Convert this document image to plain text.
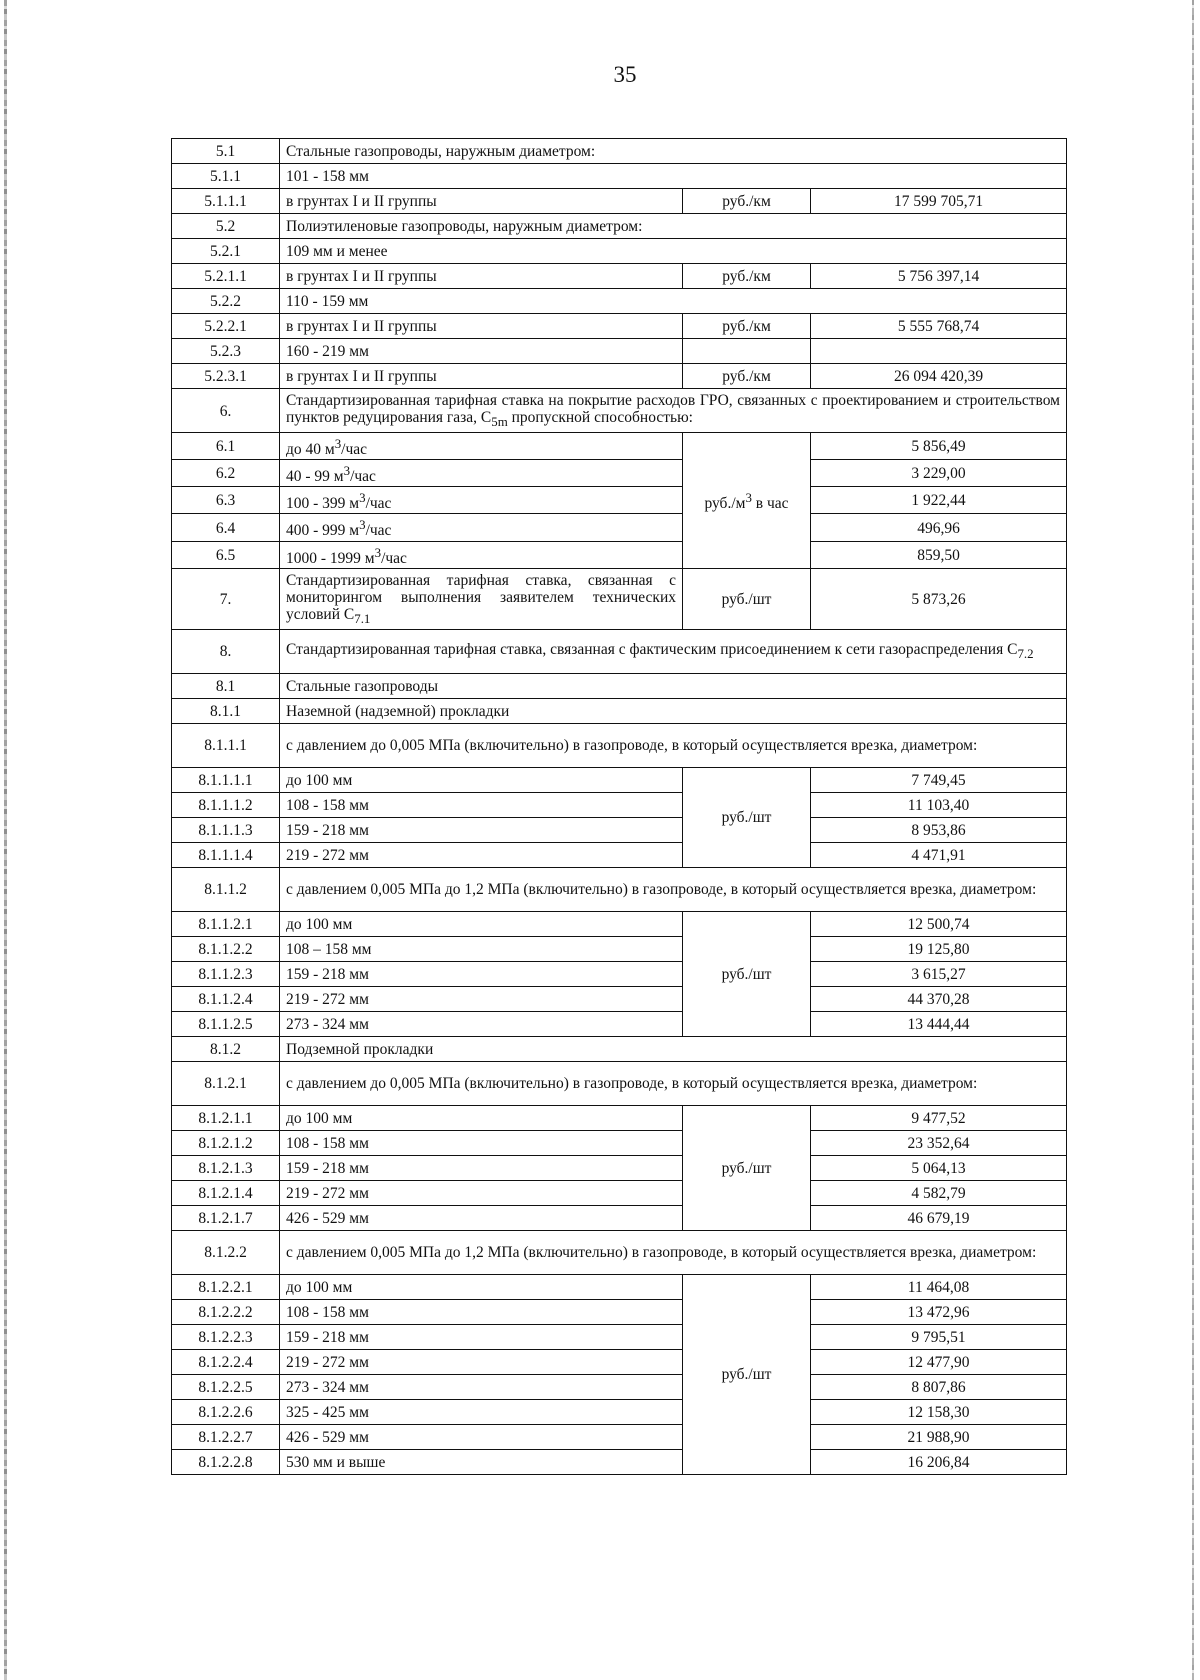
35
5.1	Стальные газопроводы, наружным диаметром:		
5.1.1	101 - 158 мм		
5.1.1.1	в грунтах I и II группы	руб./км	17 599 705,71
5.2	Полиэтиленовые газопроводы, наружным диаметром:		
5.2.1	109 мм и менее		
5.2.1.1	в грунтах I и II группы	руб./км	5 756 397,14
5.2.2	110 - 159 мм		
5.2.2.1	в грунтах I и II группы	руб./км	5 555 768,74
5.2.3	160 - 219 мм		
5.2.3.1	в грунтах I и II группы	руб./км	26 094 420,39
6.	Стандартизированная тарифная ставка на покрытие расходов ГРО, связанных с проектированием и строительством пунктов редуцирования газа, $C_{5m}$ пропускной способностью:		
6.1	до 40 $м^3$/час	$руб./м^3$ в час	5 856,49
6.2	40 - 99 $м^3$/час		3 229,00
6.3	100 - 399 $м^3$/час		1 922,44
6.4	400 - 999 $м^3$/час		496,96
6.5	1000 - 1999 $м^3$/час		859,50
7.	Стандартизированная тарифная ставка, связанная с мониторингом выполнения заявителем технических условий $C_{7.1}$	руб./шт	5 873,26
8.	Стандартизированная тарифная ставка, связанная с фактическим присоединением к сети газораспределения $C_{7.2}$
8.1	Стальные газопроводы		
8.1.1	Наземной (надземной) прокладки		
8.1.1.1	с давлением до 0,005 МПа (включительно) в газопроводе, в который осуществляется врезка, диаметром:		
8.1.1.1.1	до 100 мм	руб./шт	7 749,45
8.1.1.1.2	108 - 158 мм		11 103,40
8.1.1.1.3	159 - 218 мм		8 953,86
8.1.1.1.4	219 - 272 мм		4 471,91
8.1.1.2	с давлением 0,005 МПа до 1,2 МПа (включительно) в газопроводе, в который осуществляется врезка, диаметром:		
8.1.1.2.1	до 100 мм	руб./шт	12 500,74
8.1.1.2.2	108 – 158 мм		19 125,80
8.1.1.2.3	159 - 218 мм		3 615,27
8.1.1.2.4	219 - 272 мм		44 370,28
8.1.1.2.5	273 - 324 мм		13 444,44
8.1.2	Подземной прокладки		
8.1.2.1	с давлением до 0,005 МПа (включительно) в газопроводе, в который осуществляется врезка, диаметром:		
8.1.2.1.1	до 100 мм	руб./шт	9 477,52
8.1.2.1.2	108 - 158 мм		23 352,64
8.1.2.1.3	159 - 218 мм		5 064,13
8.1.2.1.4	219 - 272 мм		4 582,79
8.1.2.1.7	426 - 529 мм		46 679,19
8.1.2.2	с давлением 0,005 МПа до 1,2 МПа (включительно) в газопроводе, в который осуществляется врезка, диаметром:		
8.1.2.2.1	до 100 мм	руб./шт	11 464,08
8.1.2.2.2	108 - 158 мм		13 472,96
8.1.2.2.3	159 - 218 мм		9 795,51
8.1.2.2.4	219 - 272 мм		12 477,90
8.1.2.2.5	273 - 324 мм		8 807,86
8.1.2.2.6	325 - 425 мм		12 158,30
8.1.2.2.7	426 - 529 мм		21 988,90
8.1.2.2.8	530 мм и выше		16 206,84
